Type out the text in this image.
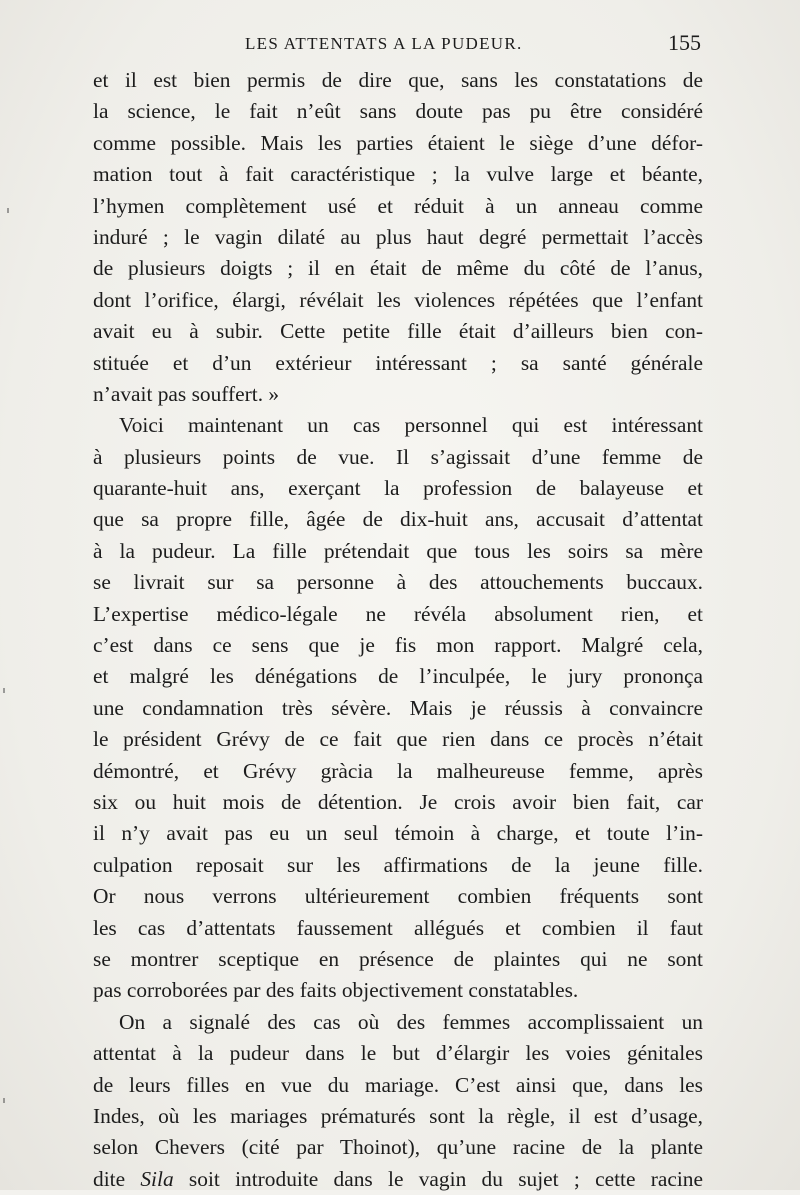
LES ATTENTATS A LA PUDEUR.	155
et il est bien permis de dire que, sans les constatations de
la science, le fait n’eût sans doute pas pu être considéré
comme possible. Mais les parties étaient le siège d’une défor-
mation tout à fait caractéristique ; la vulve large et béante,
l’hymen complètement usé et réduit à un anneau comme
induré ; le vagin dilaté au plus haut degré permettait l’accès
de plusieurs doigts ; il en était de même du côté de l’anus,
dont l’orifice, élargi, révélait les violences répétées que l’enfant
avait eu à subir. Cette petite fille était d’ailleurs bien con-
stituée et d’un extérieur intéressant ; sa santé générale
n’avait pas souffert. »
Voici maintenant un cas personnel qui est intéressant
à plusieurs points de vue. Il s’agissait d’une femme de
quarante-huit ans, exerçant la profession de balayeuse et
que sa propre fille, âgée de dix-huit ans, accusait d’attentat
à la pudeur. La fille prétendait que tous les soirs sa mère
se livrait sur sa personne à des attouchements buccaux.
L’expertise médico-légale ne révéla absolument rien, et
c’est dans ce sens que je fis mon rapport. Malgré cela,
et malgré les dénégations de l’inculpée, le jury prononça
une condamnation très sévère. Mais je réussis à convaincre
le président Grévy de ce fait que rien dans ce procès n’était
démontré, et Grévy gràcia la malheureuse femme, après
six ou huit mois de détention. Je crois avoir bien fait, car
il n’y avait pas eu un seul témoin à charge, et toute l’in-
culpation reposait sur les affirmations de la jeune fille.
Or nous verrons ultérieurement combien fréquents sont
les cas d’attentats faussement allégués et combien il faut
se montrer sceptique en présence de plaintes qui ne sont
pas corroborées par des faits objectivement constatables.
On a signalé des cas où des femmes accomplissaient un
attentat à la pudeur dans le but d’élargir les voies génitales
de leurs filles en vue du mariage. C’est ainsi que, dans les
Indes, où les mariages prématurés sont la règle, il est d’usage,
selon Chevers (cité par Thoinot), qu’une racine de la plante
dite Sila soit introduite dans le vagin du sujet ; cette racine
